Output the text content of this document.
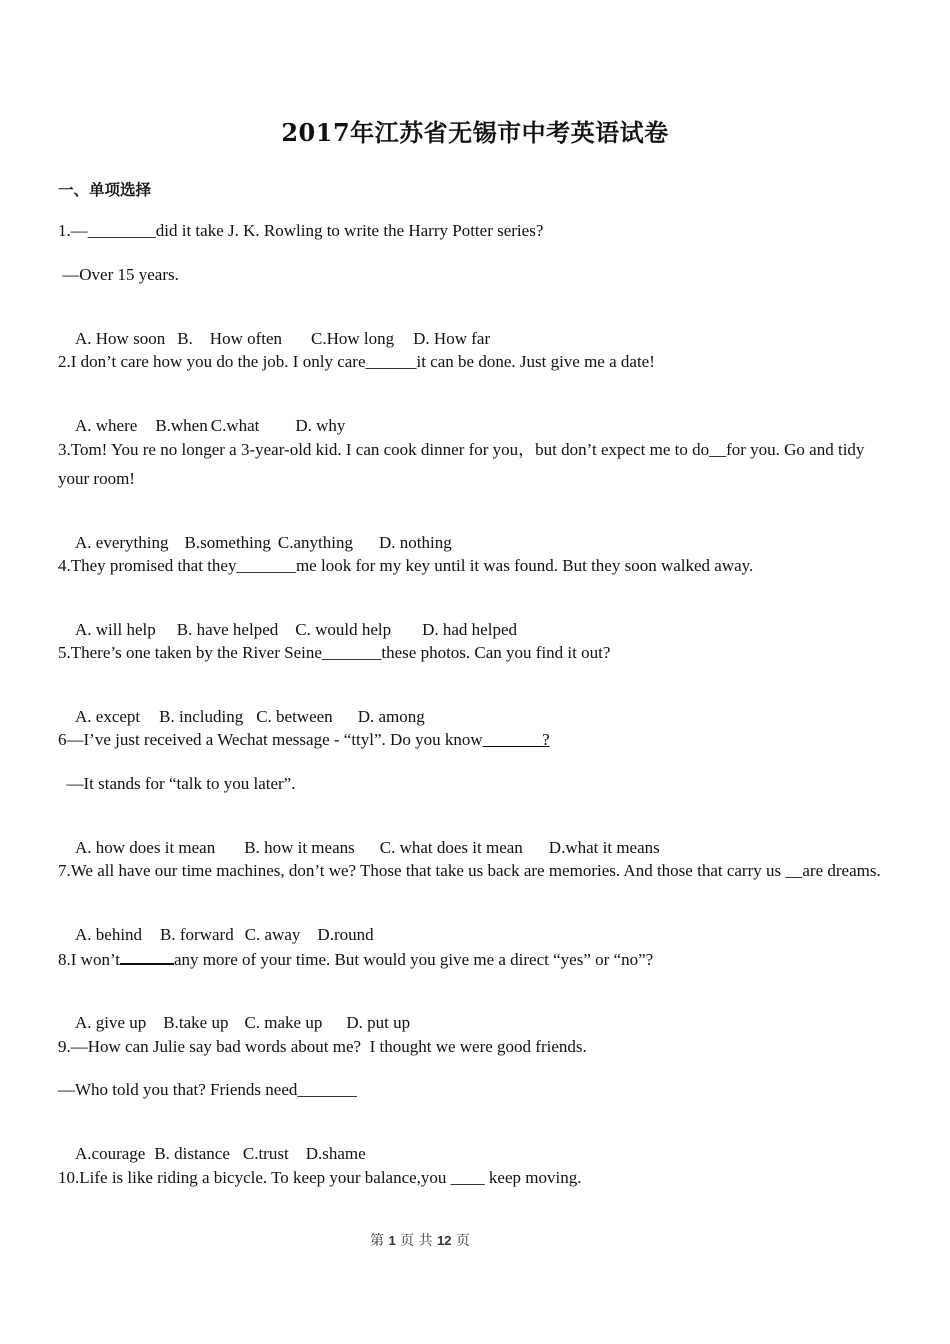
2017年江苏省无锡市中考英语试卷
一、单项选择
1.—________did it take J. K. Rowling to write the Harry Potter series?
—Over 15 years.

A. How soon B.    How often C.How long D. How far

2.I don’t care how you do the job. I only care______it can be done. Just give me a date!

A. where B.when C.what D. why

3.Tom! You re no longer a 3-year-old kid. I can cook dinner for you，but don’t expect me to do__for you. Go and tidy your room!

A. everything B.something C.anything D. nothing

4.They promised that they_______me look for my key until it was found. But they soon walked away.

A. will help B. have helped C. would help D. had helped

5.There’s one taken by the River Seine_______these photos. Can you find it out?

A. except B. including C. between D. among

6—I’ve just received a Wechat message - “ttyl”. Do you know_______?
—It stands for “talk to you later”.

A. how does it mean B. how it means C. what does it mean D.what it means

7.We all have our time machines, don’t we? Those that take us back are memories. And those that carry us __are dreams.

A. behind B. forward C. away D.round

8.I won’t	any more of your time. But would you give me a direct “yes” or “no”?

A. give up B.take up C. make up D. put up

9.—How can Julie say bad words about me?  I thought we were good friends.
—Who told you that? Friends need_______

A.courage B. distance C.trust D.shame

10.Life is like riding a bicycle. To keep your balance,you ____ keep moving.
第 1 页 共 12 页
